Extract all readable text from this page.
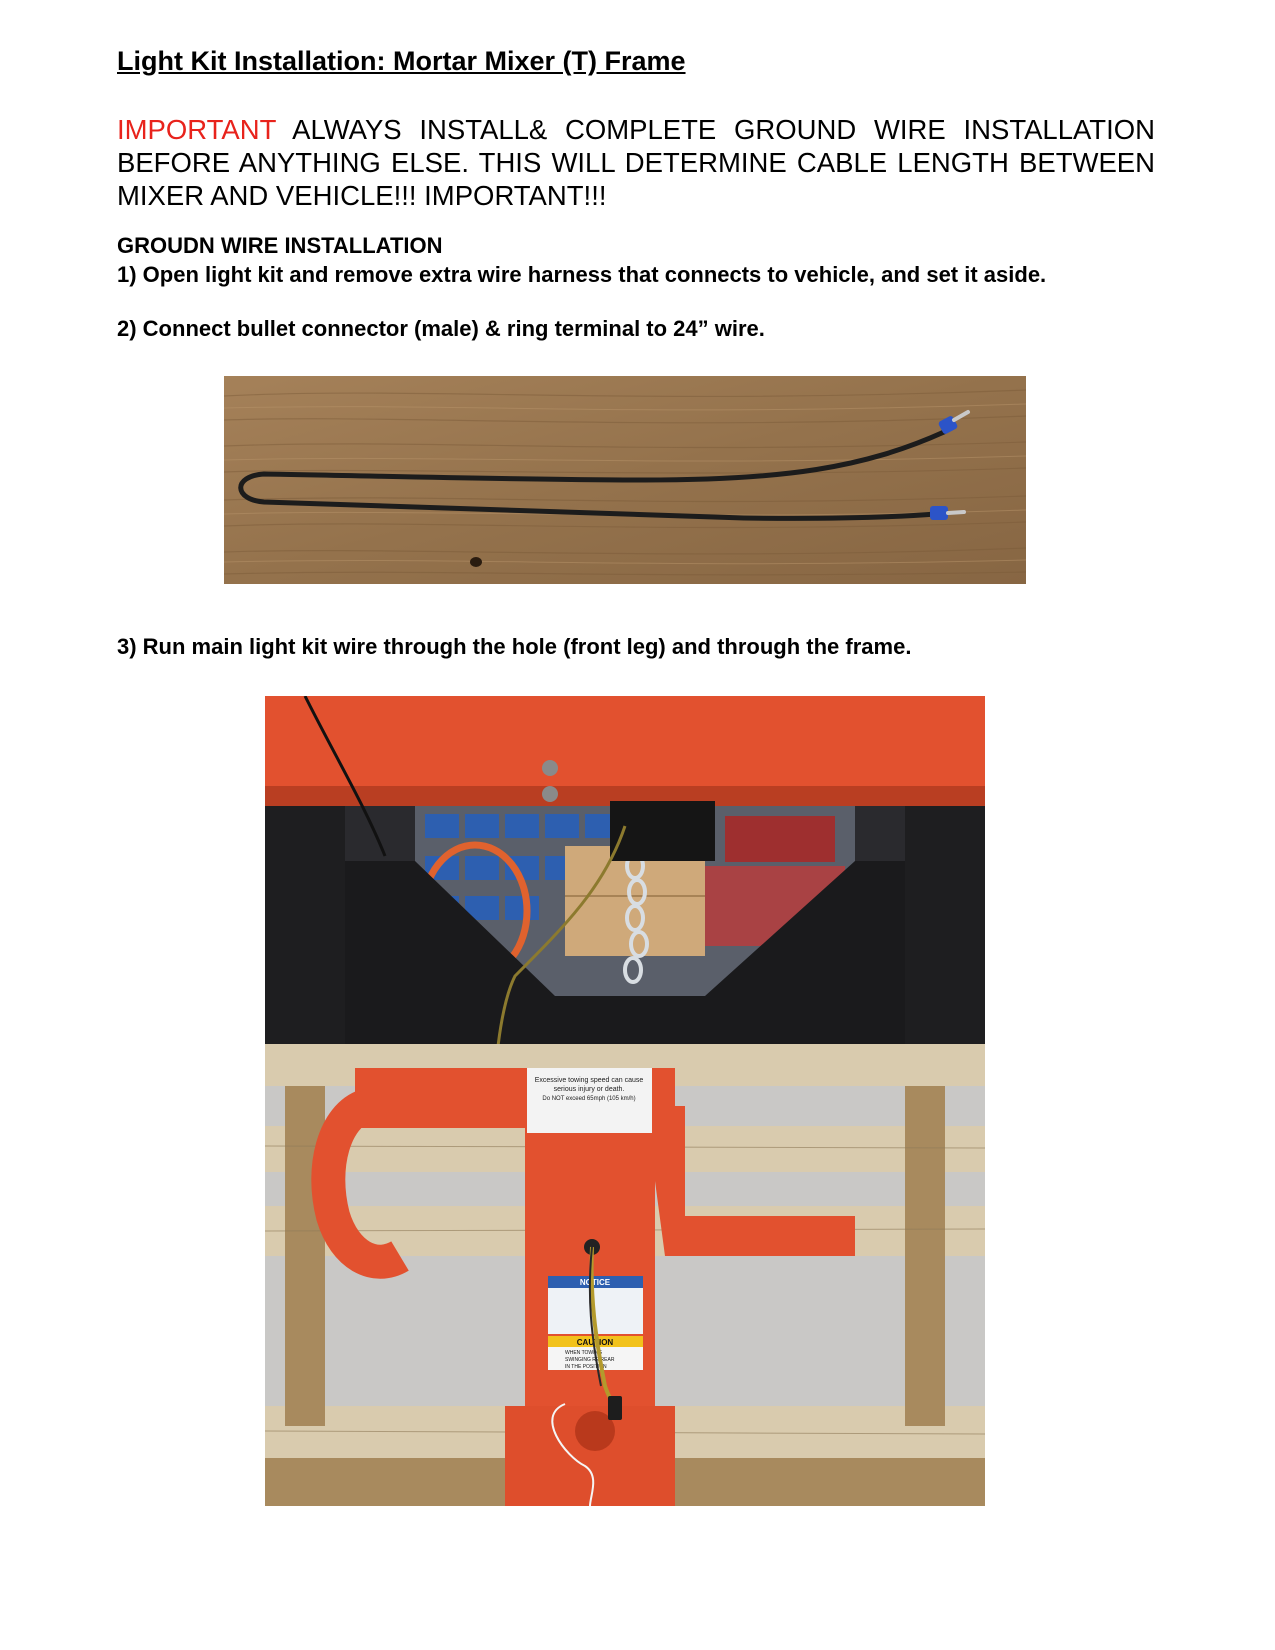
Light Kit Installation: Mortar Mixer (T) Frame
IMPORTANT ALWAYS INSTALL& COMPLETE GROUND WIRE INSTALLATION BEFORE ANYTHING ELSE. THIS WILL DETERMINE CABLE LENGTH BETWEEN MIXER AND VEHICLE!!! IMPORTANT!!!
GROUDN WIRE INSTALLATION
1) Open light kit and remove extra wire harness that connects to vehicle, and set it aside.
2) Connect bullet connector (male) & ring terminal to 24” wire.
3) Run main light kit wire through the hole (front leg) and through the frame.
Excessive towing speed can cause
serious injury or death.
Do NOT exceed 65mph (105 km/h)
NOTICE
CAUTION
WHEN TOWING
SWINGING RE REAR
IN THE POSITION
